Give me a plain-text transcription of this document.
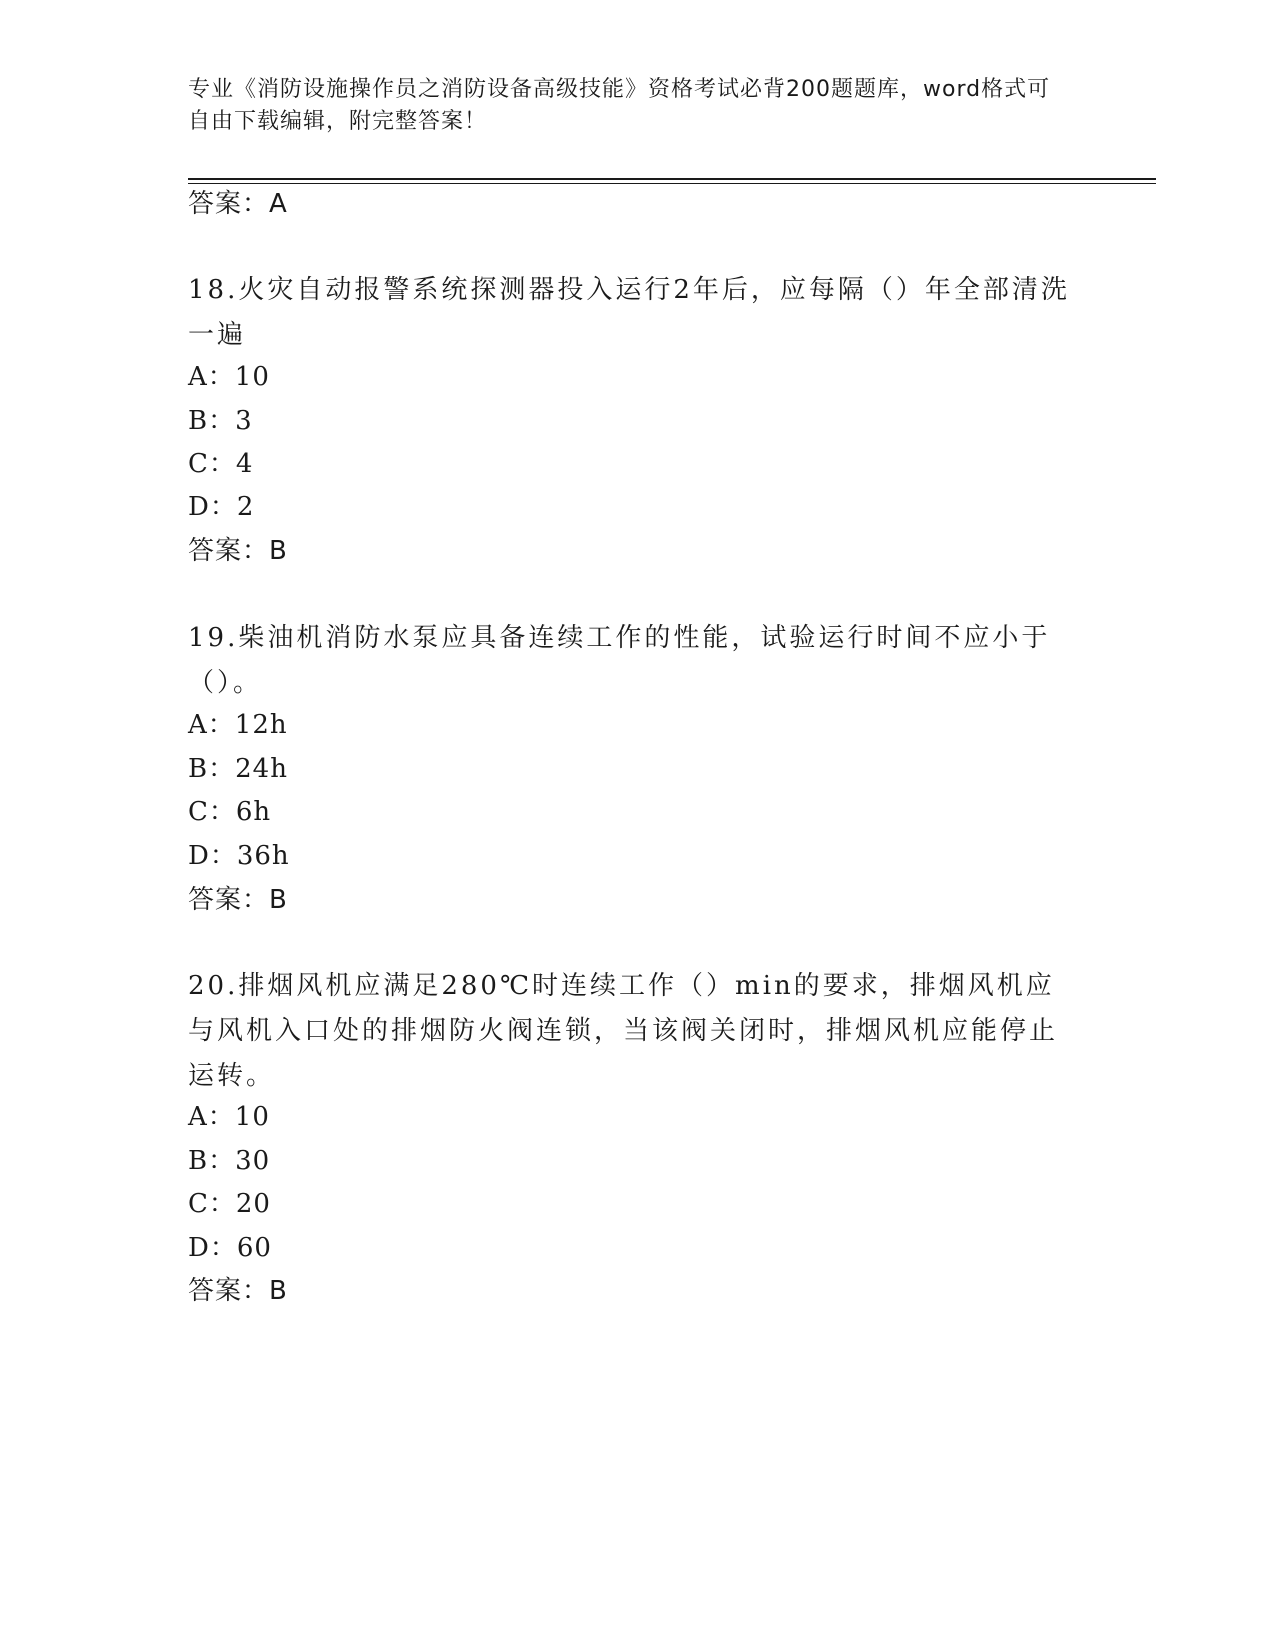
专业《消防设施操作员之消防设备高级技能》资格考试必背200题题库，word格式可自由下载编辑，附完整答案！
答案：A
18.火灾自动报警系统探测器投入运行2年后，应每隔（）年全部清洗一遍
A：10
B：3
C：4
D：2
答案：B
19.柴油机消防水泵应具备连续工作的性能，试验运行时间不应小于（）。
A：12h
B：24h
C：6h
D：36h
答案：B
20.排烟风机应满足280℃时连续工作（）min的要求，排烟风机应与风机入口处的排烟防火阀连锁，当该阀关闭时，排烟风机应能停止运转。
A：10
B：30
C：20
D：60
答案：B
